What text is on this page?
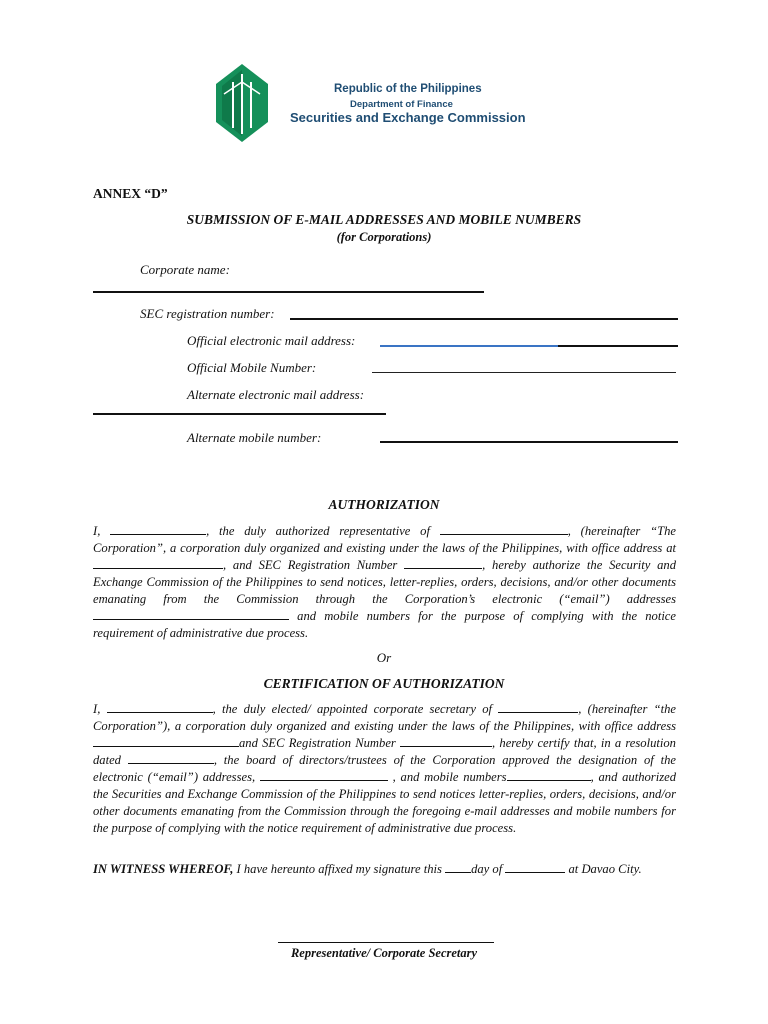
Republic of the Philippines
Department of Finance
Securities and Exchange Commission
ANNEX “D”
SUBMISSION OF E-MAIL ADDRESSES AND MOBILE NUMBERS
(for Corporations)
Corporate name:
SEC registration number:
Official electronic mail address:
Official Mobile Number:
Alternate electronic mail address:
Alternate mobile number:
AUTHORIZATION
I,	, the duly authorized representative of	, (hereinafter “The Corporation”, a corporation duly organized and existing under the laws of the Philippines, with office address at , and SEC Registration Number	, hereby authorize the Security and Exchange Commission of the Philippines to send notices, letter-replies, orders, decisions, and/or other documents emanating from the Commission through the Corporation’s electronic (“email”) addresses  and mobile numbers for the purpose of complying with the notice requirement of administrative due process.
Or
CERTIFICATION OF AUTHORIZATION
I,	, the duly elected/ appointed corporate secretary of	, (hereinafter “the Corporation”), a corporation duly organized and existing under the laws of the Philippines, with office addressand SEC Registration Number	, hereby certify that, in a resolution dated	, the board of directors/trustees of the Corporation approved the designation of the electronic (“email”) addresses,	, and mobile numbers	, and authorized the Securities and Exchange Commission of the Philippines to send notices letter-replies, orders, decisions, and/or other documents emanating from the Commission through the foregoing e-mail addresses and mobile numbers for the purpose of complying with the notice requirement of administrative due process.
IN WITNESS WHEREOF, I have hereunto affixed my signature this day of	at Davao City.
Representative/ Corporate Secretary
